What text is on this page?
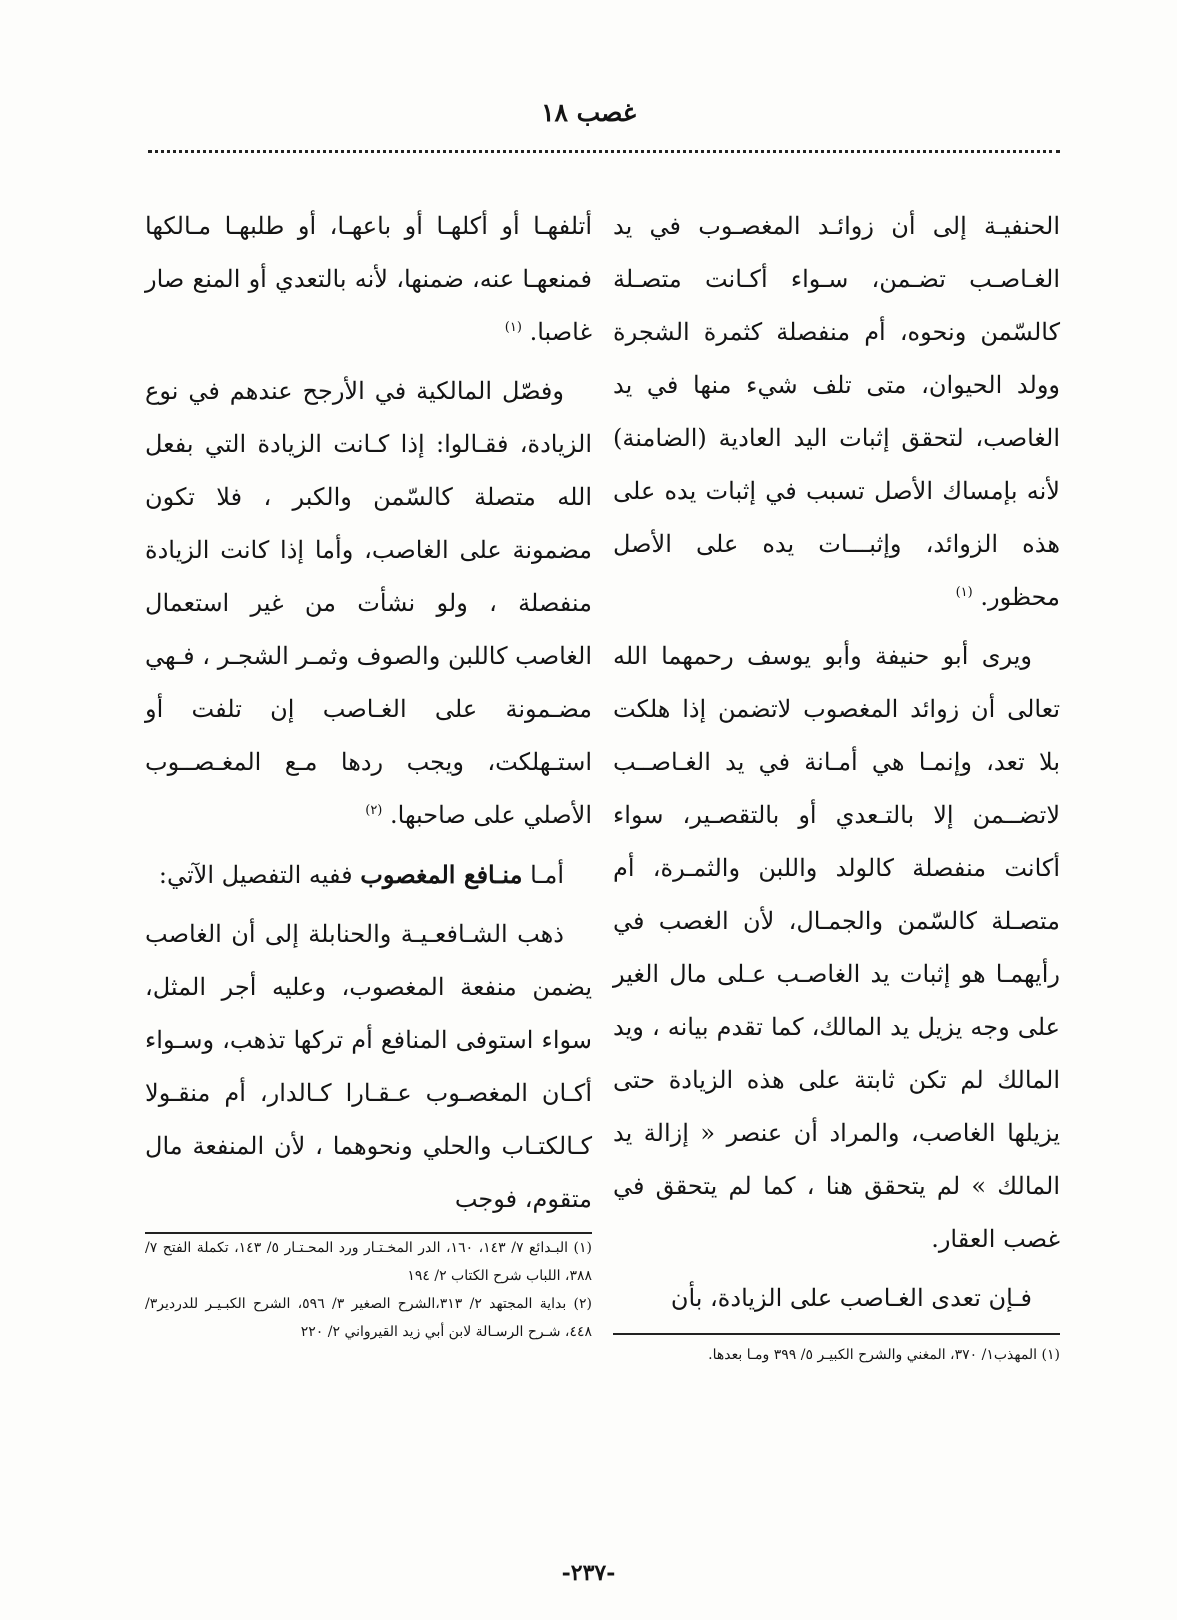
غصب ١٨

الحنفيـة إلى أن زوائـد المغصـوب في يد الغـاصـب تضـمن، سـواء أكـانت متصـلة كالسّمن ونحوه، أم منفصلة كثمرة الشجرة وولد الحيوان، متى تلف شيء منها في يد الغاصب، لتحقق إثبات اليد العادية (الضامنة) لأنه بإمساك الأصل تسبب في إثبات يده على هذه الزوائد، وإثبـــات يده على الأصل محظور. $^{(١)}$

ويرى أبو حنيفة وأبو يوسف رحمهما الله تعالى أن زوائد المغصوب لاتضمن إذا هلكت بلا تعد، وإنمـا هي أمـانة في يد الغـاصــب لاتضــمن إلا بالتـعدي أو بالتقصـير، سواء أكانت منفصلة كالولد واللبن والثمـرة، أم متصـلة كالسّمن والجمـال، لأن الغصب في رأيهمـا هو إثبات يد الغاصـب عـلى مال الغير على وجه يزيل يد المالك، كما تقدم بيانه ، ويد المالك لم تكن ثابتة على هذه الزيادة حتى يزيلها الغاصب، والمراد أن عنصر « إزالة يد المالك » لم يتحقق هنا ، كما لم يتحقق في غصب العقار.

فـإن تعدى الغـاصب على الزيادة، بأن

(١) المهذب١/ ٣٧٠، المغني والشرح الكبيـر ٥/ ٣٩٩ ومـا بعدها.

أتلفهـا أو أكلهـا أو باعهـا، أو طلبهـا مـالكها فمنعهـا عنه، ضمنها، لأنه بالتعدي أو المنع صار غاصبا. $^{(١)}$

وفصّل المالكية في الأرجح عندهم في نوع الزيادة، فقـالوا: إذا كـانت الزيادة التي بفعل الله متصلة كالسّمن والكبر ، فلا تكون مضمونة على الغاصب، وأما إذا كانت الزيادة منفصلة ، ولو نشأت من غير استعمال الغاصب كاللبن والصوف وثمـر الشجـر ، فـهي مضـمونة على الغـاصب إن تلفت أو استـهلكت، ويجب ردها مـع المغـصــوب الأصلي على صاحبها. $^{(٢)}$

أمـا منـافع المغصوب ففيه التفصيل الآتي:

ذهب الشـافعـيـة والحنابلة إلى أن الغاصب يضمن منفعة المغصوب، وعليه أجر المثل، سواء استوفى المنافع أم تركها تذهب، وسـواء أكـان المغصـوب عـقـارا كـالدار، أم منقـولا كـالكتـاب والحلي ونحوهما ، لأن المنفعة مال متقوم، فوجب

(١) البـدائع ٧/ ١٤٣، ١٦٠، الدر المخـتـار ورد المحـتـار ٥/ ١٤٣، تكملة الفتح ٧/ ٣٨٨، اللباب شرح الكتاب ٢/ ١٩٤

(٢) بداية المجتهد ٢/ ٣١٣،الشرح الصغير ٣/ ٥٩٦، الشرح الكبـيـر للدردير٣/ ٤٤٨، شـرح الرسـالة لابن أبي زيد القيرواني ٢/ ٢٢٠

-٢٣٧-
